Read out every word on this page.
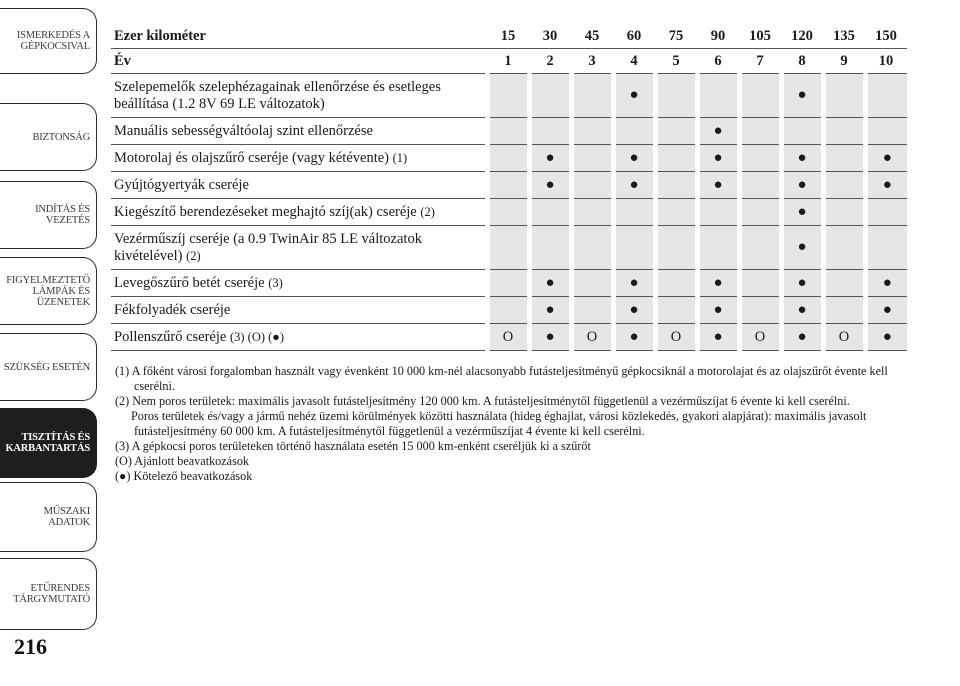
ISMERKEDÉS A
GÉPKOCSIVAL
BIZTONSÁG
INDÍTÁS ÉS
VEZETÉS
FIGYELMEZTETŐ
LÁMPÁK ÉS
ÜZENETEK
SZÜKSÉG ESETÉN
TISZTÍTÁS ÉS
KARBANTARTÁS
MŰSZAKI ADATOK
ETŰRENDES
TÁRGYMUTATÓ
216
Ezer kilométer	15	30	45	60	75	90	105	120	135	150
Év	1	2	3	4	5	6	7	8	9	10
Szelepemelők szelephézagainak ellenőrzése és esetleges beállítása (1.2 8V 69 LE változatok)				●				●		
Manuális sebességváltóolaj szint ellenőrzése						●				
Motorolaj és olajszűrő cseréje (vagy kétévente) (1)		●		●		●		●		●
Gyújtógyertyák cseréje		●		●		●		●		●
Kiegészítő berendezéseket meghajtó szíj(ak) cseréje (2)								●		
Vezérműszíj cseréje (a 0.9 TwinAir 85 LE változatok kivételével) (2)								●		
Levegőszűrő betét cseréje (3)		●		●		●		●		●
Fékfolyadék cseréje		●		●		●		●		●
Pollenszűrő cseréje (3) (O) (●)	O	●	O	●	O	●	O	●	O	●

(1) A főként városi forgalomban használt vagy évenként 10 000 km-nél alacsonyabb futásteljesítményű gépkocsiknál a motorolajat és az olajszűrőt évente kell cserélni.

(2) Nem poros területek: maximális javasolt futásteljesítmény 120 000 km. A futásteljesítménytől függetlenül a vezérműszíjat 6 évente ki kell cserélni.

Poros területek és/vagy a jármű nehéz üzemi körülmények közötti használata (hideg éghajlat, városi közlekedés, gyakori alapjárat): maximális javasolt futásteljesítmény 60 000 km. A futásteljesítménytől függetlenül a vezérműszíjat 4 évente ki kell cserélni.

(3) A gépkocsi poros területeken történő használata esetén 15 000 km-enként cseréljük ki a szűrőt

(O) Ajánlott beavatkozások

(●) Kötelező beavatkozások
